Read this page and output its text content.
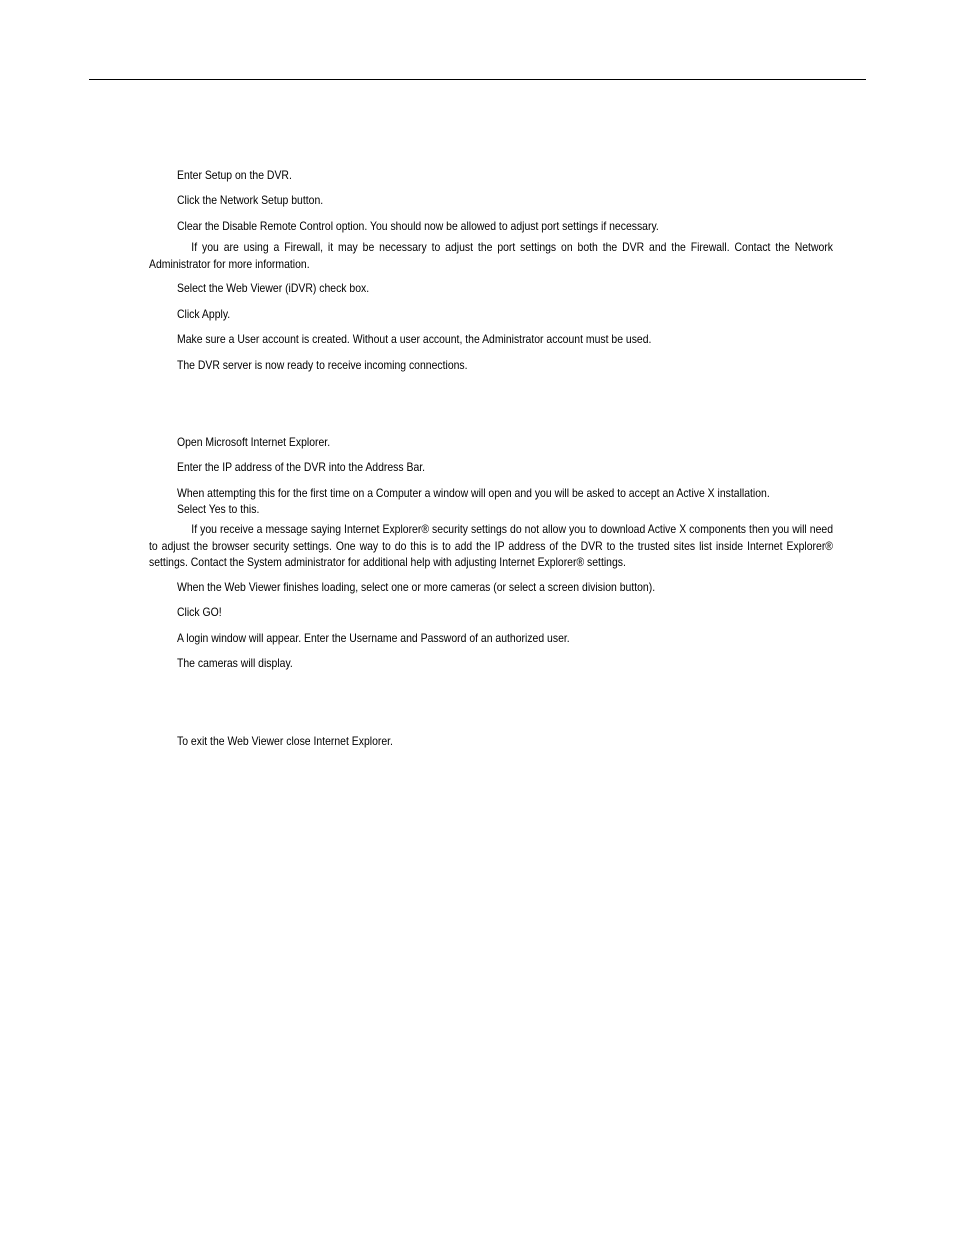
Enter Setup on the DVR.
Click the Network Setup button.
Clear the Disable Remote Control option. You should now be allowed to adjust port settings if necessary.
If you are using a Firewall, it may be necessary to adjust the port settings on both the DVR and the Firewall. Contact the Network Administrator for more information.
Select the Web Viewer (iDVR) check box.
Click Apply.
Make sure a User account is created. Without a user account, the Administrator account must be used.
The DVR server is now ready to receive incoming connections.
Open Microsoft Internet Explorer.
Enter the IP address of the DVR into the Address Bar.
When attempting this for the first time on a Computer a window will open and you will be asked to accept an Active X installation.
Select Yes to this.
If you receive a message saying Internet Explorer® security settings do not allow you to download Active X components then you will need to adjust the browser security settings. One way to do this is to add the IP address of the DVR to the trusted sites list inside Internet Explorer® settings. Contact the System administrator for additional help with adjusting Internet Explorer® settings.
When the Web Viewer finishes loading, select one or more cameras (or select a screen division button).
Click GO!
A login window will appear. Enter the Username and Password of an authorized user.
The cameras will display.
To exit the Web Viewer close Internet Explorer.
